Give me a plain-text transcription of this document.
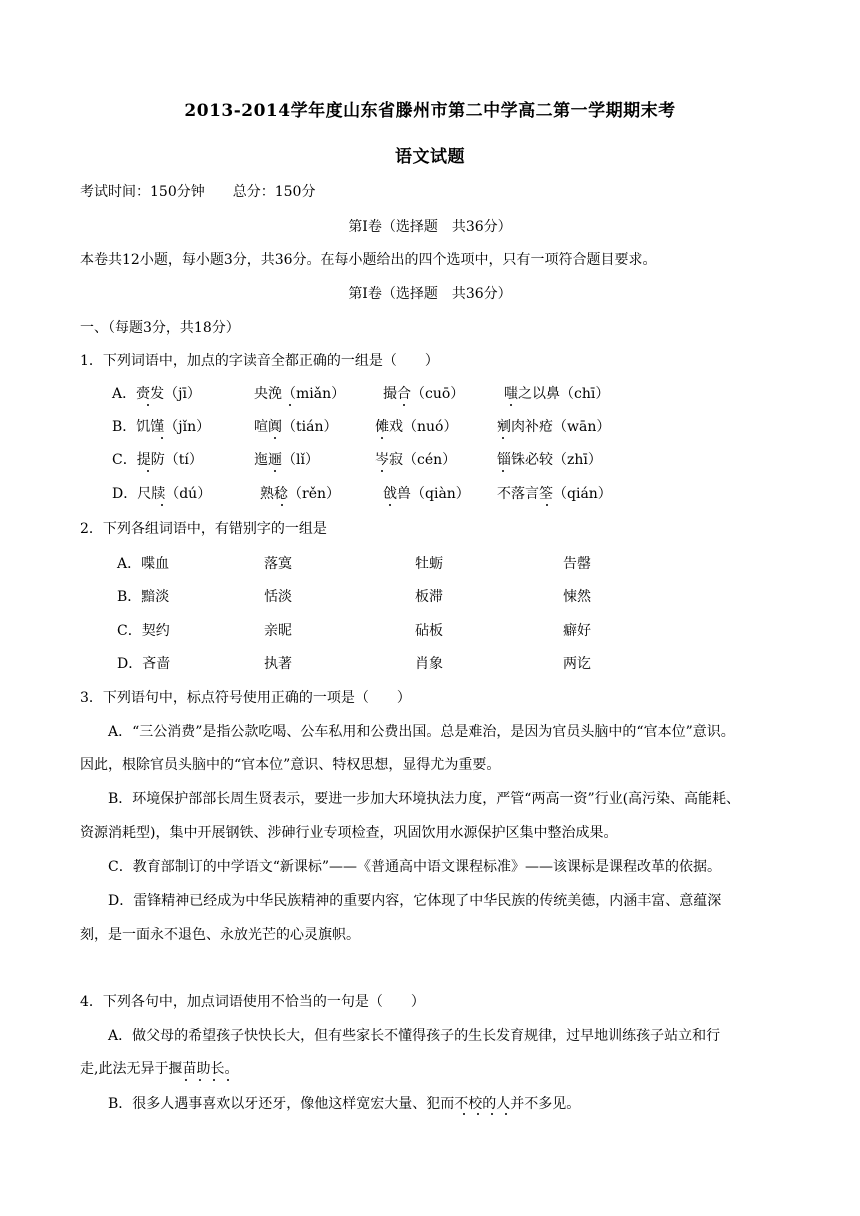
2013-2014学年度山东省滕州市第二中学高二第一学期期末考
语文试题
考试时间：150分钟　　总分：150分
第Ⅰ卷（选择题　共36分）
本卷共12小题，每小题3分，共36分。在每小题给出的四个选项中，只有一项符合题目要求。
第Ⅰ卷（选择题　共36分）
一、（每题3分，共18分）
1．下列词语中，加点的字读音全都正确的一组是（　　）
A．赍发（jī）	央浼（miǎn）	撮合（cuō）	嗤之以鼻（chī）
B．饥馑（jǐn）	喧阗（tián）	傩戏（nuó）	剜肉补疮（wān）
C．提防（tí）	迤逦（lǐ）	岑寂（cén）	锱铢必较（zhī）
D．尺牍（dú）	熟稔（rěn）	戗兽（qiàn） 不落言筌（qián）
2．下列各组词语中，有错别字的一组是
A．喋血	落寞	牡蛎	告罄
B．黯淡	恬淡	板滞	悚然
C．契约	亲昵	砧板	癖好
D．吝啬	执著	肖象	两讫
3．下列语句中，标点符号使用正确的一项是（　　）
A．“三公消费”是指公款吃喝、公车私用和公费出国。总是难治，是因为官员头脑中的“官本位”意识。
因此，根除官员头脑中的“官本位”意识、特权思想，显得尤为重要。
B．环境保护部部长周生贤表示，要进一步加大环境执法力度，严管“两高一资”行业(高污染、高能耗、
资源消耗型)，集中开展钢铁、涉砷行业专项检查，巩固饮用水源保护区集中整治成果。
C．教育部制订的中学语文“新课标”——《普通高中语文课程标准》——该课标是课程改革的依据。
D．雷锋精神已经成为中华民族精神的重要内容，它体现了中华民族的传统美德，内涵丰富、意蕴深
刻，是一面永不退色、永放光芒的心灵旗帜。
4．下列各句中，加点词语使用不恰当的一句是（　　）
A．做父母的希望孩子快快长大，但有些家长不懂得孩子的生长发育规律，过早地训练孩子站立和行
走,此法无异于揠苗助长。
B．很多人遇事喜欢以牙还牙，像他这样宽宏大量、犯而不校的人并不多见。
